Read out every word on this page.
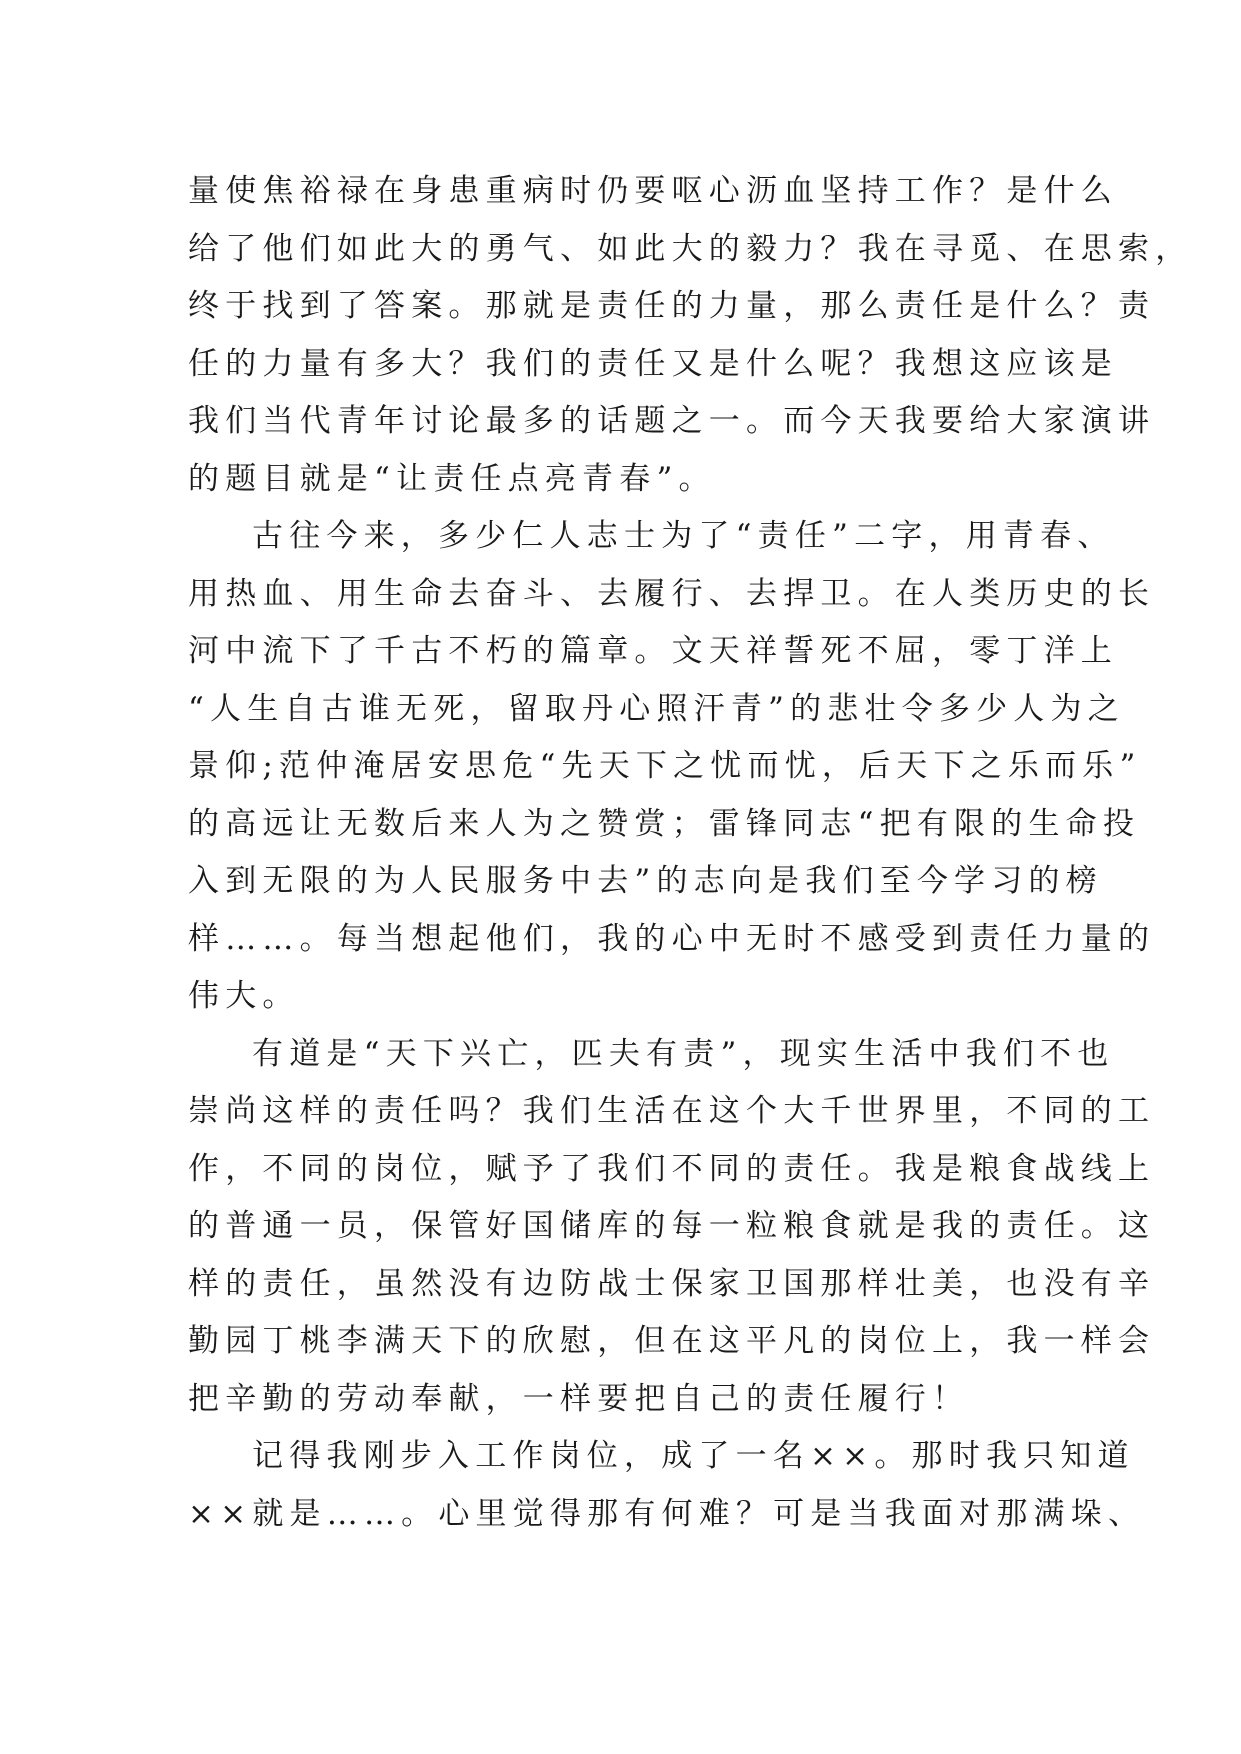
量使焦裕禄在身患重病时仍要呕心沥血坚持工作？是什么
给了他们如此大的勇气、如此大的毅力？我在寻觅、在思索，
终于找到了答案。那就是责任的力量，那么责任是什么？责
任的力量有多大？我们的责任又是什么呢？我想这应该是
我们当代青年讨论最多的话题之一。而今天我要给大家演讲
的题目就是“让责任点亮青春”。
古往今来，多少仁人志士为了“责任”二字，用青春、
用热血、用生命去奋斗、去履行、去捍卫。在人类历史的长
河中流下了千古不朽的篇章。文天祥誓死不屈，零丁洋上
“人生自古谁无死，留取丹心照汗青”的悲壮令多少人为之
景仰;范仲淹居安思危“先天下之忧而忧，后天下之乐而乐”
的高远让无数后来人为之赞赏；雷锋同志“把有限的生命投
入到无限的为人民服务中去”的志向是我们至今学习的榜
样……。每当想起他们，我的心中无时不感受到责任力量的
伟大。
有道是“天下兴亡，匹夫有责”，现实生活中我们不也
崇尚这样的责任吗？我们生活在这个大千世界里，不同的工
作，不同的岗位，赋予了我们不同的责任。我是粮食战线上
的普通一员，保管好国储库的每一粒粮食就是我的责任。这
样的责任，虽然没有边防战士保家卫国那样壮美，也没有辛
勤园丁桃李满天下的欣慰，但在这平凡的岗位上，我一样会
把辛勤的劳动奉献，一样要把自己的责任履行！
记得我刚步入工作岗位，成了一名××。那时我只知道
××就是……。心里觉得那有何难？可是当我面对那满垛、
